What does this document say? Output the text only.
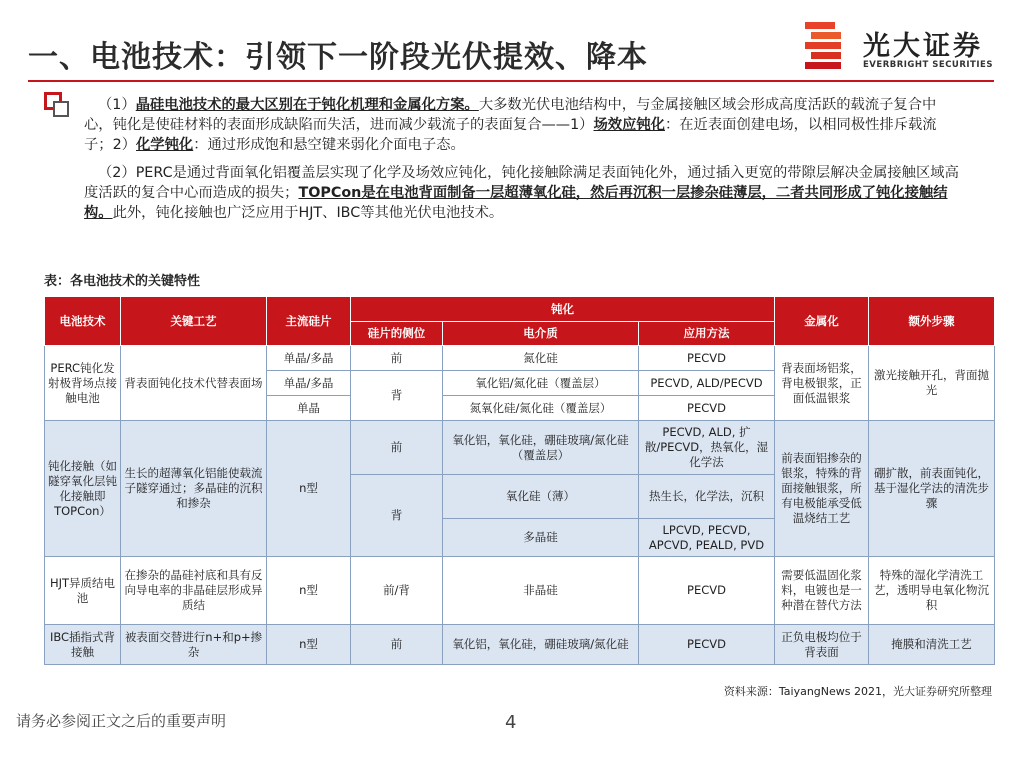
一、电池技术：引领下一阶段光伏提效、降本	光大证券
EVERBRIGHT SECURITIES
（1）晶硅电池技术的最大区别在于钝化机理和金属化方案。大多数光伏电池结构中，与金属接触区域会形成高度活跃的载流子复合中心，钝化是使硅材料的表面形成缺陷而失活，进而减少载流子的表面复合——1）场效应钝化：在近表面创建电场，以相同极性排斥载流子；2）化学钝化：通过形成饱和悬空键来弱化介面电子态。
（2）PERC是通过背面氧化铝覆盖层实现了化学及场效应钝化，钝化接触除满足表面钝化外，通过插入更宽的带隙层解决金属接触区域高度活跃的复合中心而造成的损失；TOPCon是在电池背面制备一层超薄氧化硅，然后再沉积一层掺杂硅薄层，二者共同形成了钝化接触结构。此外，钝化接触也广泛应用于HJT、IBC等其他光伏电池技术。
表：各电池技术的关键特性
电池技术	关键工艺	主流硅片	钝化			金属化	额外步骤
			硅片的侧位	电介质	应用方法		
PERC钝化发射极背场点接触电池	背表面钝化技术代替表面场	单晶/多晶	前	氮化硅	PECVD	背表面场铝浆，背电极银浆，正面低温银浆	激光接触开孔，背面抛光
		单晶/多晶	背	氧化铝/氮化硅（覆盖层）	PECVD, ALD/PECVD		
		单晶		氮氧化硅/氮化硅（覆盖层）	PECVD		
钝化接触（如隧穿氧化层钝化接触即TOPCon）	生长的超薄氧化铝能使载流子隧穿通过；多晶硅的沉积和掺杂	n型	前	氧化铝，氧化硅，硼硅玻璃/氮化硅（覆盖层）	PECVD, ALD, 扩散/PECVD，热氧化，湿化学法	前表面铝掺杂的银浆，特殊的背面接触银浆，所有电极能承受低温烧结工艺	硼扩散，前表面钝化，基于湿化学法的清洗步骤
			背	氧化硅（薄）	热生长，化学法，沉积		
				多晶硅	LPCVD, PECVD, APCVD, PEALD, PVD		
HJT异质结电池	在掺杂的晶硅衬底和具有反向导电率的非晶硅层形成异质结	n型	前/背	非晶硅	PECVD	需要低温固化浆料，电镀也是一种潜在替代方法	特殊的湿化学清洗工艺，透明导电氧化物沉积
IBC插指式背接触	被表面交替进行n+和p+掺杂	n型	前	氧化铝，氧化硅，硼硅玻璃/氮化硅	PECVD	正负电极均位于背表面	掩膜和清洗工艺
资料来源：TaiyangNews 2021，光大证券研究所整理
请务必参阅正文之后的重要声明	4
